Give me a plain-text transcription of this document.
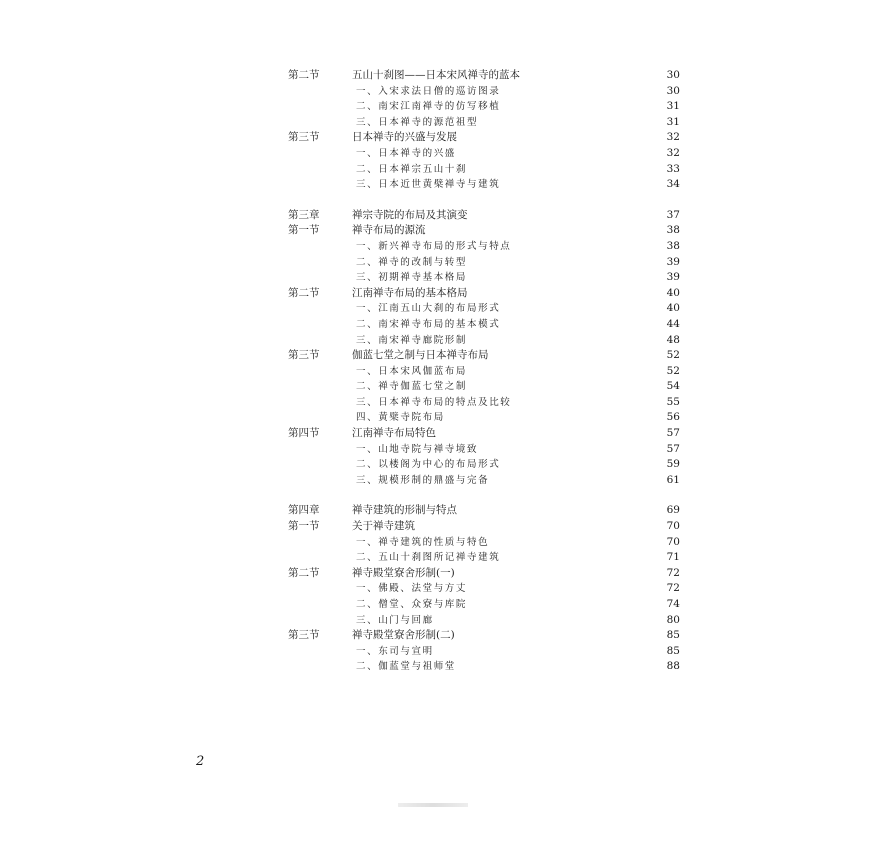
第二节	五山十刹图——日本宋风禅寺的蓝本	30
一、入宋求法日僧的巡访图录	30
二、南宋江南禅寺的仿写移植	31
三、日本禅寺的源范祖型	31
第三节	日本禅寺的兴盛与发展	32
一、日本禅寺的兴盛	32
二、日本禅宗五山十刹	33
三、日本近世黄檗禅寺与建筑	34
第三章	禅宗寺院的布局及其演变	37
第一节	禅寺布局的源流	38
一、新兴禅寺布局的形式与特点	38
二、禅寺的改制与转型	39
三、初期禅寺基本格局	39
第二节	江南禅寺布局的基本格局	40
一、江南五山大刹的布局形式	40
二、南宋禅寺布局的基本模式	44
三、南宋禅寺廊院形制	48
第三节	伽蓝七堂之制与日本禅寺布局	52
一、日本宋风伽蓝布局	52
二、禅寺伽蓝七堂之制	54
三、日本禅寺布局的特点及比较	55
四、黄檗寺院布局	56
第四节	江南禅寺布局特色	57
一、山地寺院与禅寺境致	57
二、以楼阁为中心的布局形式	59
三、规模形制的鼎盛与完备	61
第四章	禅寺建筑的形制与特点	69
第一节	关于禅寺建筑	70
一、禅寺建筑的性质与特色	70
二、五山十刹图所记禅寺建筑	71
第二节	禅寺殿堂寮舍形制(一)	72
一、佛殿、法堂与方丈	72
二、僧堂、众寮与库院	74
三、山门与回廊	80
第三节	禅寺殿堂寮舍形制(二)	85
一、东司与宣明	85
二、伽蓝堂与祖师堂	88
2
